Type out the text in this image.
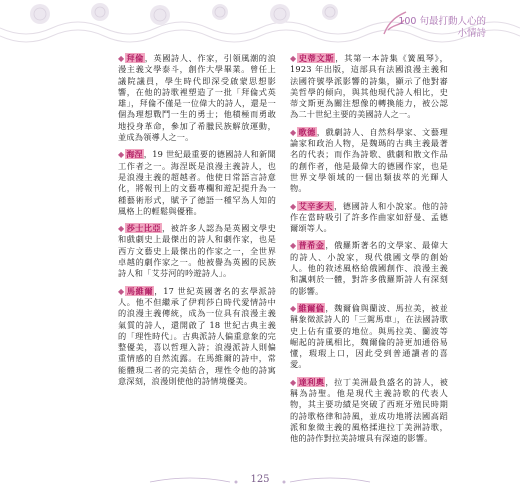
100 句最打動人心的
小情詩
◆ 拜倫，英國詩人、作家，引領風潮的浪漫主義文學泰斗，創作大學畢業。曾任上議院議員，學生時代即深受啟蒙思想影響，在他的詩歌裡塑造了一批「拜倫式英雄」，拜倫不僅是一位偉大的詩人，還是一個為理想戰鬥一生的勇士；他積極而勇敢地投身革命，參加了希臘民族解放運動，並成為領導人之一。
◆ 海涅，19 世紀最重要的德國詩人和新聞工作者之一。海涅既是浪漫主義詩人，也是浪漫主義的超越者。他使日常語言詩意化，將報刊上的文藝專欄和遊記提升為一種藝術形式，賦予了德語一種罕為人知的風格上的輕鬆與優雅。
◆ 莎士比亞，被許多人認為是英國文學史和戲劇史上最傑出的詩人和劇作家，也是西方文藝史上最傑出的作家之一，全世界卓越的劇作家之一。他被譽為英國的民族詩人和「艾芬河的吟遊詩人」。
◆ 馬維爾，17 世紀英國著名的玄學派詩人。他不但繼承了伊莉莎白時代愛情詩中的浪漫主義傳統，成為一位具有浪漫主義氣質的詩人，還開啟了 18 世紀古典主義的「理性時代」。古典派詩人偏重意象的完整優美，喜以哲理入詩；浪漫派詩人則偏重情感的自然流露。在馬維爾的詩中，常能體現二者的完美結合，理性令他的詩寓意深刻，浪漫則使他的詩情境優美。
◆ 史蒂文斯，其第一本詩集《簧風琴》，1923 年出版，這部具有法國浪漫主義和法國符號學派影響的詩集，顯示了他對審美哲學的傾向，與其他現代詩人相比，史蒂文斯更為關注想像的轉換能力，被公認為二十世紀主要的美國詩人之一。
◆ 歌德，戲劇詩人、自然科學家、文藝理論家和政治人物，是魏瑪的古典主義最著名的代表；而作為詩歌、戲劇和散文作品的創作者，他是最偉大的德國作家，也是世界文學領域的一個出類拔萃的光輝人物。
◆ 艾辛多夫，德國詩人和小說家。他的詩作在當時吸引了許多作曲家如舒曼、孟德爾頌等人。
◆ 普希金，俄羅斯著名的文學家、最偉大的詩人、小說家，現代俄國文學的創始人。他的敘述風格給俄國創作、浪漫主義和諷刺於一體，對許多俄羅斯詩人有深刻的影響。
◆ 維爾倫，魏爾倫與蘭波、馬拉美，被並稱象徵派詩人的「三駕馬車」，在法國詩歌史上佔有重要的地位。與馬拉美、蘭波等崛起的詩風相比，魏爾倫的詩更加通俗易懂，瑕瑕上口，因此受到普通讀者的喜愛。
◆ 達利奧，拉丁美洲最負盛名的詩人，被稱為詩聖。他是現代主義詩歌的代表人物，其主要功績是突破了西班牙殖民時期的詩歌格律和詩風，並成功地將法國高蹈派和象徵主義的風格揉進拉丁美洲詩歌，他的詩作對拉美詩壇具有深遠的影響。
125
